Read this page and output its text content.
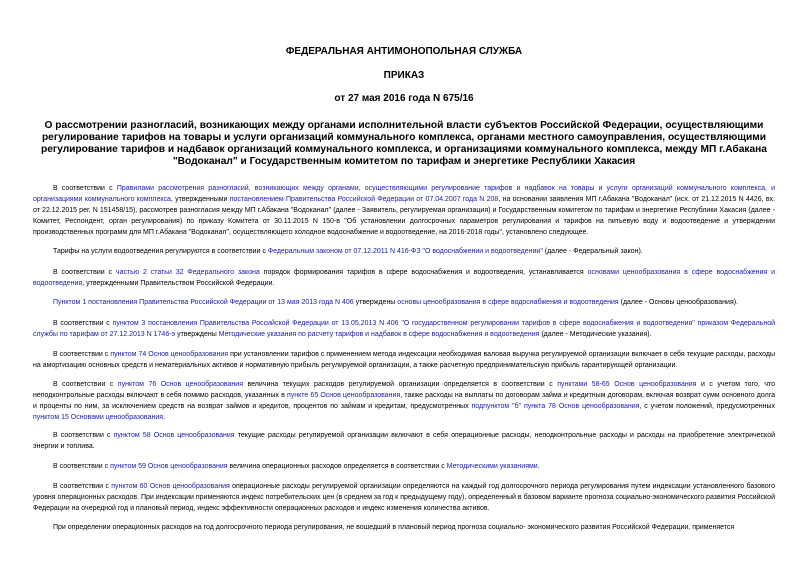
ФЕДЕРАЛЬНАЯ АНТИМОНОПОЛЬНАЯ СЛУЖБА
ПРИКАЗ
от 27 мая 2016 года N 675/16
О рассмотрении разногласий, возникающих между органами исполнительной власти субъектов Российской Федерации, осуществляющими регулирование тарифов на товары и услуги организаций коммунального комплекса, органами местного самоуправления, осуществляющими регулирование тарифов и надбавок организаций коммунального комплекса, и организациями коммунального комплекса, между МП г.Абакана "Водоканал" и Государственным комитетом по тарифам и энергетике Республики Хакасия
В соответствии с Правилами рассмотрения разногласий, возникающих между органами, осуществляющими регулирование тарифов и надбавок на товары и услуги организаций коммунального комплекса, и организациями коммунального комплекса, утвержденными постановлением Правительства Российской Федерации от 07.04.2007 года N 208, на основании заявления МП г.Абакана "Водоканал" (исх. от 21.12.2015 N 4426, вх. от 22.12.2015 рег. N 151458/15), рассмотрев разногласия между МП г.Абакана "Водоканал" (далее - Заявитель, регулируемая организация) и Государственным комитетом по тарифам и энергетике Республики Хакасия (далее - Комитет, Респондент, орган регулирования) по приказу Комитета от 30.11.2015 N 150-в "Об установлении долгосрочных параметров регулирования и тарифов на питьевую воду и водоотведение и утверждении производственных программ для МП г.Абакана "Водоканал", осуществляющего холодное водоснабжение и водоотведение, на 2016-2018 годы", установлено следующее.
Тарифы на услуги водоотведения регулируются в соответствии с Федеральным законом от 07.12.2011 N 416-ФЗ "О водоснабжении и водоотведении" (далее - Федеральный закон).
В соответствии с частью 2 статьи 32 Федерального закона порядок формирования тарифов в сфере водоснабжения и водоотведения, устанавливается основами ценообразования в сфере водоснабжения и водоотведения, утвержденными Правительством Российской Федерации.
Пунктом 1 постановления Правительства Российской Федерации от 13 мая 2013 года N 406 утверждены основы ценообразования в сфере водоснабжения и водоотведения (далее - Основы ценообразования).
В соответствии с пунктом 3 постановления Правительства Российской Федерации от 13.05.2013 N 406 "О государственном регулировании тарифов в сфере водоснабжения и водоотведения" приказом Федеральной службы по тарифам от 27.12.2013 N 1746-э утверждены Методические указания по расчету тарифов и надбавок в сфере водоснабжения и водоотведения (далее - Методические указания).
В соответствии с пунктом 74 Основ ценообразования при установлении тарифов с применением метода индексации необходимая валовая выручка регулируемой организации включает в себя текущие расходы, расходы на амортизацию основных средств и нематериальных активов и нормативную прибыль регулируемой организации, а также расчетную предпринимательскую прибыль гарантирующей организации.
В соответствии с пунктом 76 Основ ценообразования величина текущих расходов регулируемой организации определяется в соответствии с пунктами 58-65 Основ ценообразования и с учетом того, что неподконтрольные расходы включают в себя помимо расходов, указанных в пункте 65 Основ ценообразования, также расходы на выплаты по договорам займа и кредитным договорам, включая возврат сумм основного долга и проценты по ним, за исключением средств на возврат займов и кредитов, процентов по займам и кредитам, предусмотренных подпунктом "б" пункта 78 Основ ценообразования, с учетом положений, предусмотренных пунктом 15 Основами ценообразования.
В соответствии с пунктом 58 Основ ценообразования текущие расходы регулируемой организации включают в себя операционные расходы, неподконтрольные расходы и расходы на приобретение электрической энергии и топлива.
В соответствии с пунктом 59 Основ ценообразования величина операционных расходов определяется в соответствии с Методическими указаниями.
В соответствии с пунктом 60 Основ ценообразования операционные расходы регулируемой организации определяются на каждый год долгосрочного периода регулирования путем индексации установленного базового уровня операционных расходов. При индексации применяются индекс потребительских цен (в среднем за год к предыдущему году), определенный в базовом варианте прогноза социально-экономического развития Российской Федерации на очередной год и плановый период, индекс эффективности операционных расходов и индекс изменения количества активов.
При определении операционных расходов на год долгосрочного периода регулирования, не вошедший в плановый период прогноза социально- экономического развития Российской Федерации, применяется
